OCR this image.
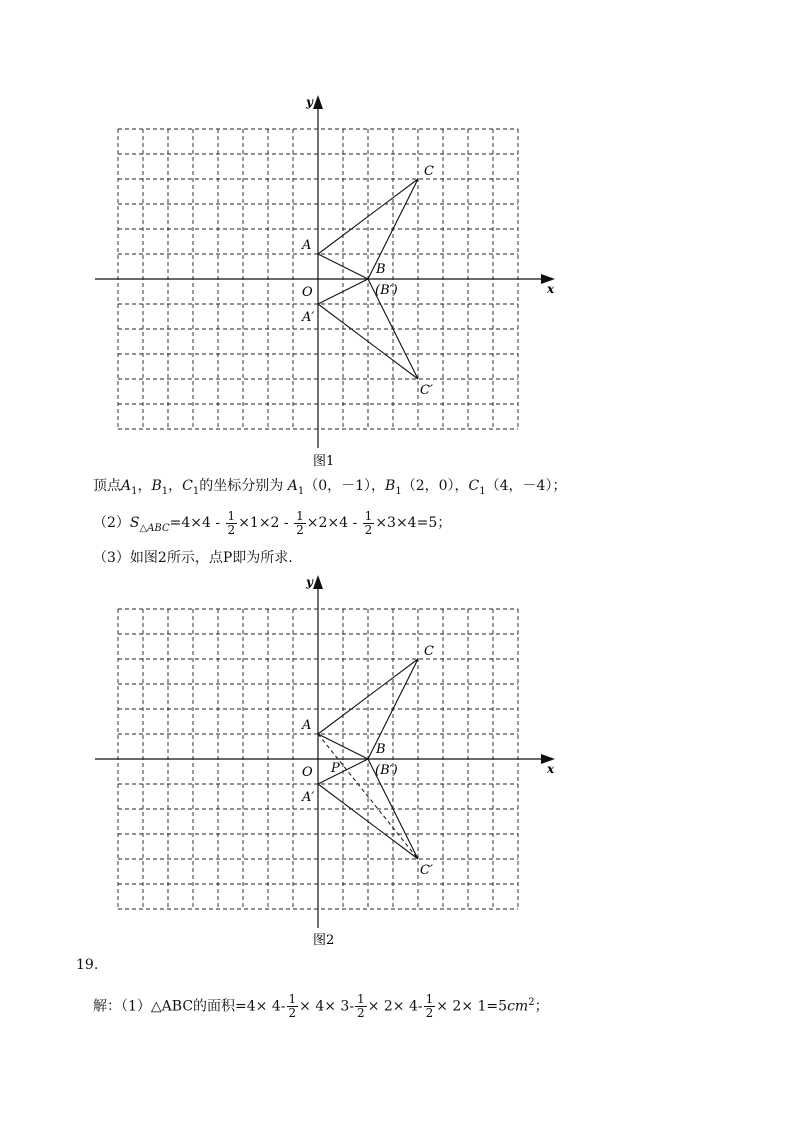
x
y
O
A
B
C
A′
(B′)
C′
图1
顶点$A_1$，$B_1$，$C_1$的坐标分别为 $A_1(0$，－1），$B_1(2$，0），$C_1(4$，－4）；
$(2)S_{\triangle ABC}=4\times 4 - \frac{1}{2} \times 1\times 2 - \frac{1}{2} \times 2\times 4 - \frac{1}{2} \times 3\times 4=5$；
（3）如图2所示，点P即为所求.
x
y
O P
A
B
C
A′
(B′)
C′
图2
19.
解：（1）△ABC的面积$=4\times 4- \frac{1}{2} \times 4\times 3- \frac{1}{2} \times 2\times 4- \frac{1}{2} \times 2\times 1=5cm^2$；
